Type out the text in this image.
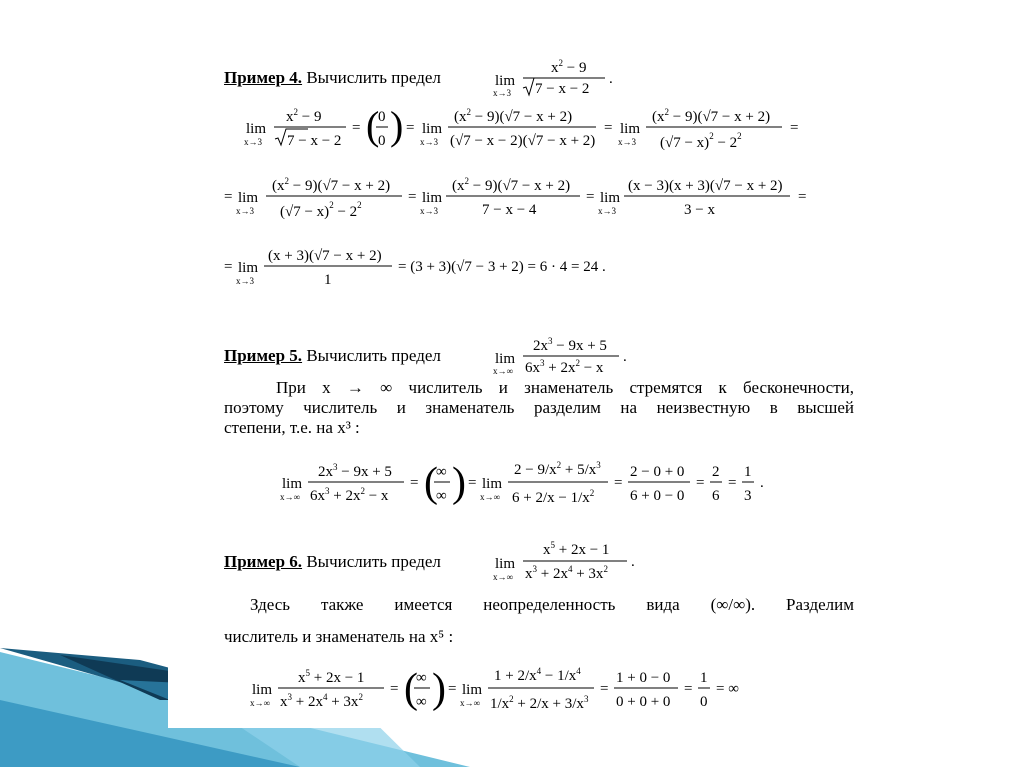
Пример 4. Вычислить предел	lim
x→3
$x^2 - 9$
7 − x − 2
.
lim
x→3
$x^2 - 9$
7 − x − 2
= (
0
0 ) = lim
x→3
$(x^2 - 9)(√7 - x + 2)$
(√7 − x − 2)(√7 − x + 2)
= lim
x→3
$(x^2 - 9)(√7 - x + 2)$
$(√7 - x)^2 - 2^2$	=
= lim
x→3
$(x^2 - 9)(√7 - x + 2)$
$(√7 - x)^2 - 2^2$	= lim
x→3
$(x^2 - 9)(√7 - x + 2)$
7 − x − 4
= lim
x→3
(x − 3)(x + 3)(√7 − x + 2)
3 − x
=
= lim
x→3
(x + 3)(√7 − x + 2)
1
= (3 + 3)(√7 − 3 + 2) = 6 · 4 = 24 .
Пример 5. Вычислить предел	lim
x→∞
$2x^3 - 9x + 5$
$6x^3 + 2x^2 - x$
.
При x → ∞ числитель и знаменатель стремятся к бесконечности,
поэтому числитель и знаменатель разделим на неизвестную в высшей
степени, т.е. на x³ :
lim
x→∞
$2x^3 - 9x + 5$
$6x^3 + 2x^2 - x$
= (
∞
∞ ) = lim
x→∞
$2 - 9/x^2 + 5/x^3$
$6 + 2/x - 1/x^2$
=
2 − 0 + 0
6 + 0 − 0
=
2
6
=
1
3
.
Пример 6. Вычислить предел	lim
x→∞
$x^5 + 2x - 1$
$x^3 + 2x^4 + 3x^2$ .
Здесь также имеется неопределенность вида (∞/∞). Разделим
числитель и знаменатель на x⁵ :
lim
x→∞
$x^5 + 2x - 1$
$x^3 + 2x^4 + 3x^2$ = (
∞
∞ ) = lim
x→∞
$1 + 2/x^4 - 1/x^4$
$1/x^2 + 2/x + 3/x^3$
=
1 + 0 − 0
0 + 0 + 0
=
1
0
= ∞
